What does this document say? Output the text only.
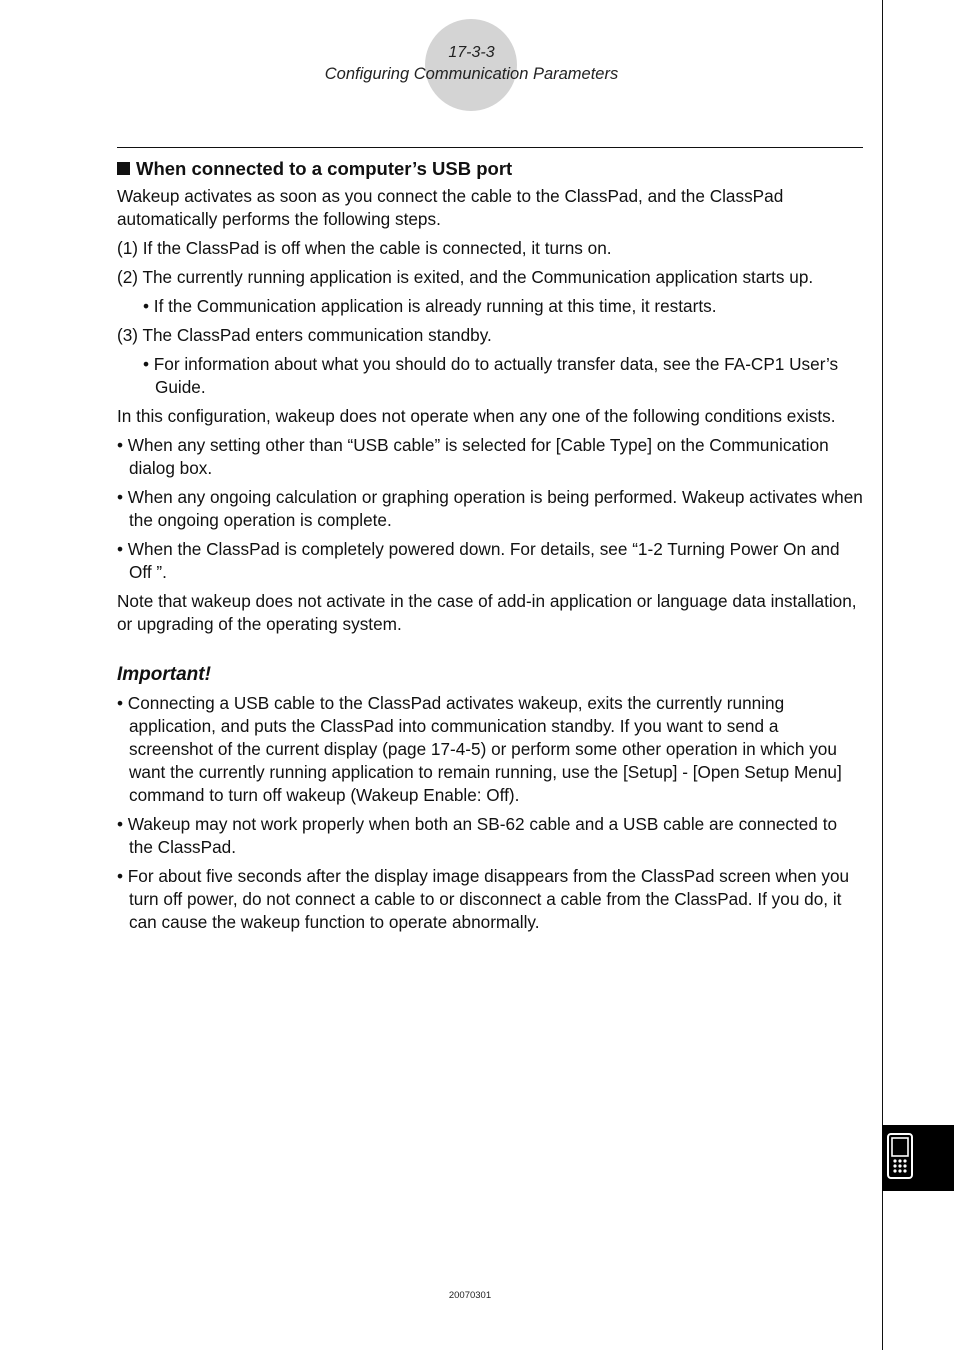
17-3-3
Configuring Communication Parameters
When connected to a computer’s USB port

Wakeup activates as soon as you connect the cable to the ClassPad, and the ClassPad automatically performs the following steps.

(1) If the ClassPad is off when the cable is connected, it turns on.

(2) The currently running application is exited, and the Communication application starts up.

• If the Communication application is already running at this time, it restarts.

(3) The ClassPad enters communication standby.

• For information about what you should do to actually transfer data, see the FA-CP1 User’s Guide.

In this configuration, wakeup does not operate when any one of the following conditions exists.

• When any setting other than “USB cable” is selected for [Cable Type] on the Communication dialog box.

• When any ongoing calculation or graphing operation is being performed. Wakeup activates when the ongoing operation is complete.

• When the ClassPad is completely powered down. For details, see “1-2 Turning Power On and Off ”.

Note that wakeup does not activate in the case of add-in application or language data installation, or upgrading of the operating system.

Important!

• Connecting a USB cable to the ClassPad activates wakeup, exits the currently running application, and puts the ClassPad into communication standby. If you want to send a screenshot of the current display (page 17-4-5) or perform some other operation in which you want the currently running application to remain running, use the [Setup] - [Open Setup Menu] command to turn off wakeup (Wakeup Enable: Off).

• Wakeup may not work properly when both an SB-62 cable and a USB cable are connected to the ClassPad.

• For about five seconds after the display image disappears from the ClassPad screen when you turn off power, do not connect a cable to or disconnect a cable from the ClassPad. If you do, it can cause the wakeup function to operate abnormally.

20070301
